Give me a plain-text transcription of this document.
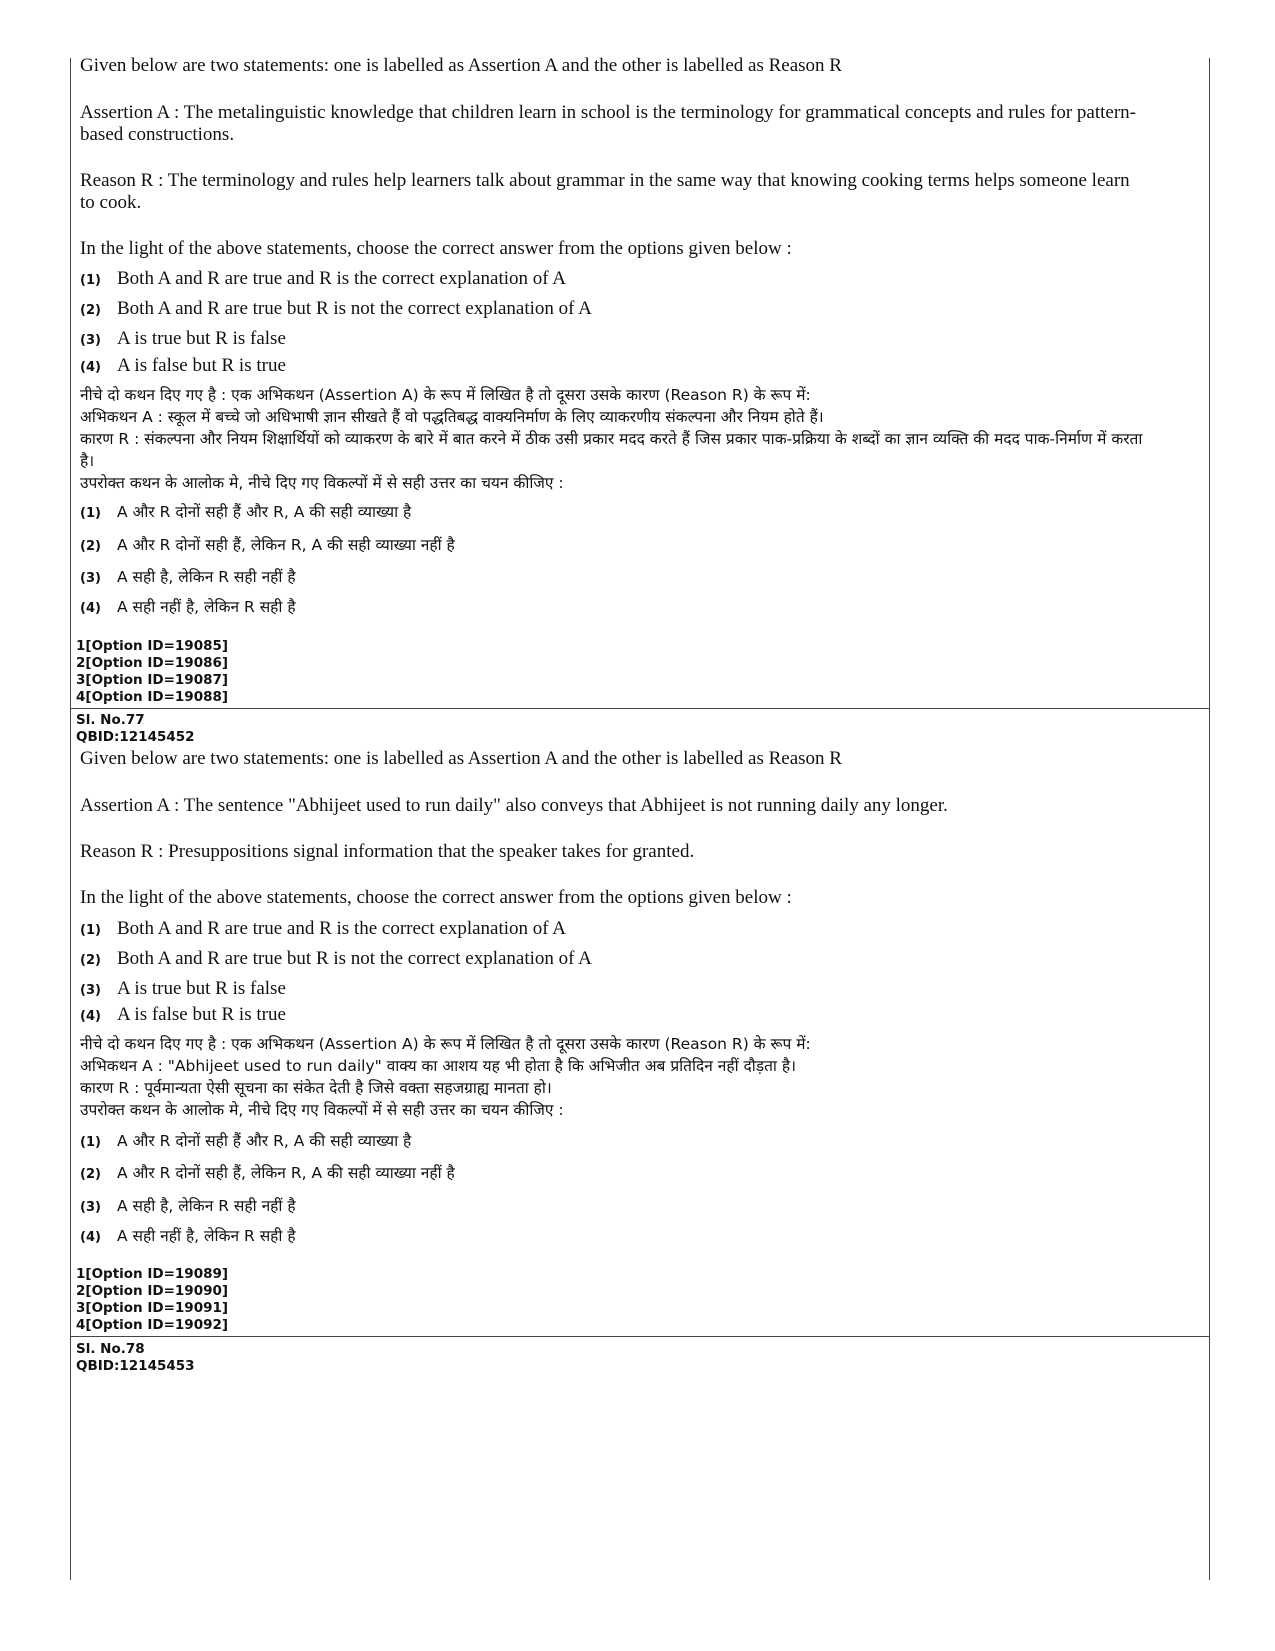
Given below are two statements: one is labelled as Assertion A and the other is labelled as Reason R

Assertion A : The metalinguistic knowledge that children learn in school is the terminology for grammatical concepts and rules for pattern-based constructions.

Reason R : The terminology and rules help learners talk about grammar in the same way that knowing cooking terms helps someone learn to cook.

In the light of the above statements, choose the correct answer from the options given below :

(1) Both A and R are true and R is the correct explanation of A
(2) Both A and R are true but R is not the correct explanation of A
(3) A is true but R is false
(4) A is false but R is true

नीचे दो कथन दिए गए है : एक अभिकथन (Assertion A) के रूप में लिखित है तो दूसरा उसके कारण (Reason R) के रूप में:

अभिकथन A : स्कूल में बच्चे जो अधिभाषी ज्ञान सीखते हैं वो पद्धतिबद्ध वाक्यनिर्माण के लिए व्याकरणीय संकल्पना और नियम होते हैं।

कारण R : संकल्पना और नियम शिक्षार्थियों को व्याकरण के बारे में बात करने में ठीक उसी प्रकार मदद करते हैं जिस प्रकार पाक-प्रक्रिया के शब्दों का ज्ञान व्यक्ति की मदद पाक-निर्माण में करता है।

उपरोक्त कथन के आलोक मे, नीचे दिए गए विकल्पों में से सही उत्तर का चयन कीजिए :

(1)	A और R दोनों सही हैं और R, A की सही व्याख्या है
(2)	A और R दोनों सही हैं, लेकिन R, A की सही व्याख्या नहीं है
(3)	A सही है, लेकिन R सही नहीं है
(4)	A सही नहीं है, लेकिन R सही है

1[Option ID=19085]

2[Option ID=19086]

3[Option ID=19087]

4[Option ID=19088]

Sl. No.77

QBID:12145452

Given below are two statements: one is labelled as Assertion A and the other is labelled as Reason R

Assertion A : The sentence "Abhijeet used to run daily" also conveys that Abhijeet is not running daily any longer.

Reason R : Presuppositions signal information that the speaker takes for granted.

In the light of the above statements, choose the correct answer from the options given below :

(1) Both A and R are true and R is the correct explanation of A
(2) Both A and R are true but R is not the correct explanation of A
(3) A is true but R is false
(4) A is false but R is true

नीचे दो कथन दिए गए है : एक अभिकथन (Assertion A) के रूप में लिखित है तो दूसरा उसके कारण (Reason R) के रूप में:

अभिकथन A : "Abhijeet used to run daily" वाक्य का आशय यह भी होता है कि अभिजीत अब प्रतिदिन नहीं दौड़ता है।

कारण R : पूर्वमान्यता ऐसी सूचना का संकेत देती है जिसे वक्ता सहजग्राह्य मानता हो।

उपरोक्त कथन के आलोक मे, नीचे दिए गए विकल्पों में से सही उत्तर का चयन कीजिए :

(1)	A और R दोनों सही हैं और R, A की सही व्याख्या है
(2)	A और R दोनों सही हैं, लेकिन R, A की सही व्याख्या नहीं है
(3)	A सही है, लेकिन R सही नहीं है
(4)	A सही नहीं है, लेकिन R सही है

1[Option ID=19089]

2[Option ID=19090]

3[Option ID=19091]

4[Option ID=19092]

Sl. No.78

QBID:12145453
